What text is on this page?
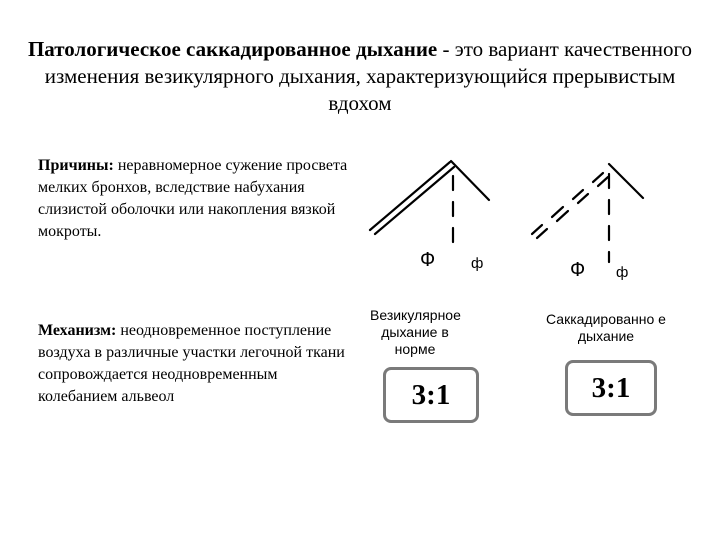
Патологическое саккадированное дыхание - это вариант качественного изменения везикулярного дыхания, характеризующийся прерывистым вдохом
Причины: неравномерное сужение просвета мелких бронхов, вследствие набухания слизистой оболочки или накопления вязкой мокроты.
Механизм: неодновременное поступление воздуха в различные участки легочной ткани сопровождается неодновременным колебанием альвеол
Ф ф	Ф ф
Везикулярное дыхание в норме
Саккадированно е дыхание
3:1	3:1
